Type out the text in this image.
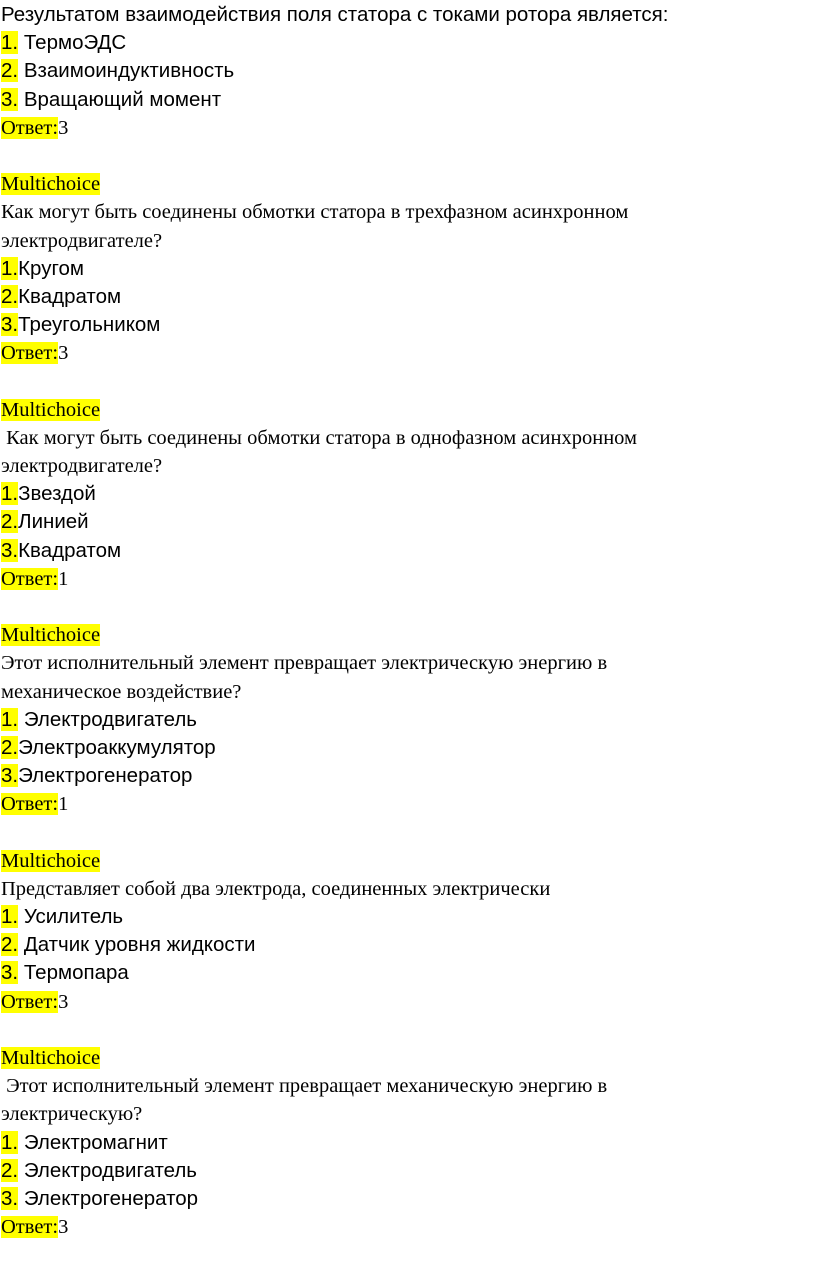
Результатом взаимодействия поля статора с токами ротора является:
1. ТермоЭДС
2. Взаимоиндуктивность
3. Вращающий момент
Ответ:3
Multichoice
Как могут быть соединены обмотки статора в трехфазном асинхронном
электродвигателе?
1.Кругом
2.Квадратом
3.Треугольником
Ответ:3
Multichoice
Как могут быть соединены обмотки статора в однофазном асинхронном
электродвигателе?
1.Звездой
2.Линией
3.Квадратом
Ответ:1
Multichoice
Этот исполнительный элемент превращает электрическую энергию в
механическое воздействие?
1. Электродвигатель
2.Электроаккумулятор
3.Электрогенератор
Ответ:1
Multichoice
Представляет собой два электрода, соединенных электрически
1. Усилитель
2. Датчик уровня жидкости
3. Термопара
Ответ:3
Multichoice
Этот исполнительный элемент превращает механическую энергию в
электрическую?
1. Электромагнит
2. Электродвигатель
3. Электрогенератор
Ответ:3
